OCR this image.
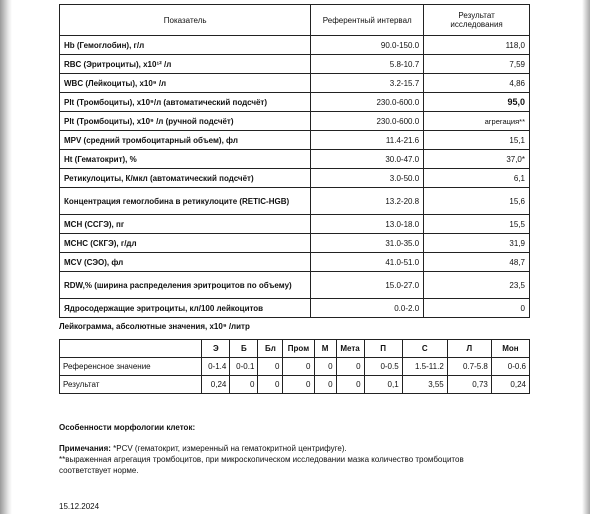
Показатель	Референтный интервал	Результат
исследования

Hb (Гемоглобин), г/л	90.0-150.0	118,0
RBC (Эритроциты), x10¹² /л	5.8-10.7	7,59
WBC (Лейкоциты), x10⁹ /л	3.2-15.7	4,86
Plt (Тромбоциты), x10⁹/л (автоматический подсчёт)	230.0-600.0	95,0
Plt (Тромбоциты), x10⁹ /л (ручной подсчёт)	230.0-600.0	агрегация**
MPV (средний тромбоцитарный объем), фл	11.4-21.6	15,1
Ht (Гематокрит), %	30.0-47.0	37,0*
Ретикулоциты, К/мкл (автоматический подсчёт)	3.0-50.0	6,1
Концентрация гемоглобина в ретикулоците (RETIC-HGB)	13.2-20.8	15,6
МСН (ССГЭ), пг	13.0-18.0	15,5
МСНС (СКГЭ), г/дл	31.0-35.0	31,9
MCV (СЭО), фл	41.0-51.0	48,7
RDW,% (ширина распределения эритроцитов по объему)	15.0-27.0	23,5
Ядросодержащие эритроциты, кл/100 лейкоцитов	0.0-2.0	0
Лейкограмма, абсолютные значения, x10⁹ /литр
	Э	Б	Бл	Пром	М	Мета	П	С	Л	Мон
Референсное значение	0-1.4	0-0.1	0	0	0	0	0-0.5	1.5-11.2	0.7-5.8	0-0.6
Результат	0,24	0	0	0	0	0	0,1	3,55	0,73	0,24
Особенности морфологии клеток:
Примечания: *PCV (гематокрит, измеренный на гематокритной центрифуге).
**выраженная агрегация тромбоцитов, при микроскопическом исследовании мазка количество тромбоцитов
соответствует норме.
15.12.2024
